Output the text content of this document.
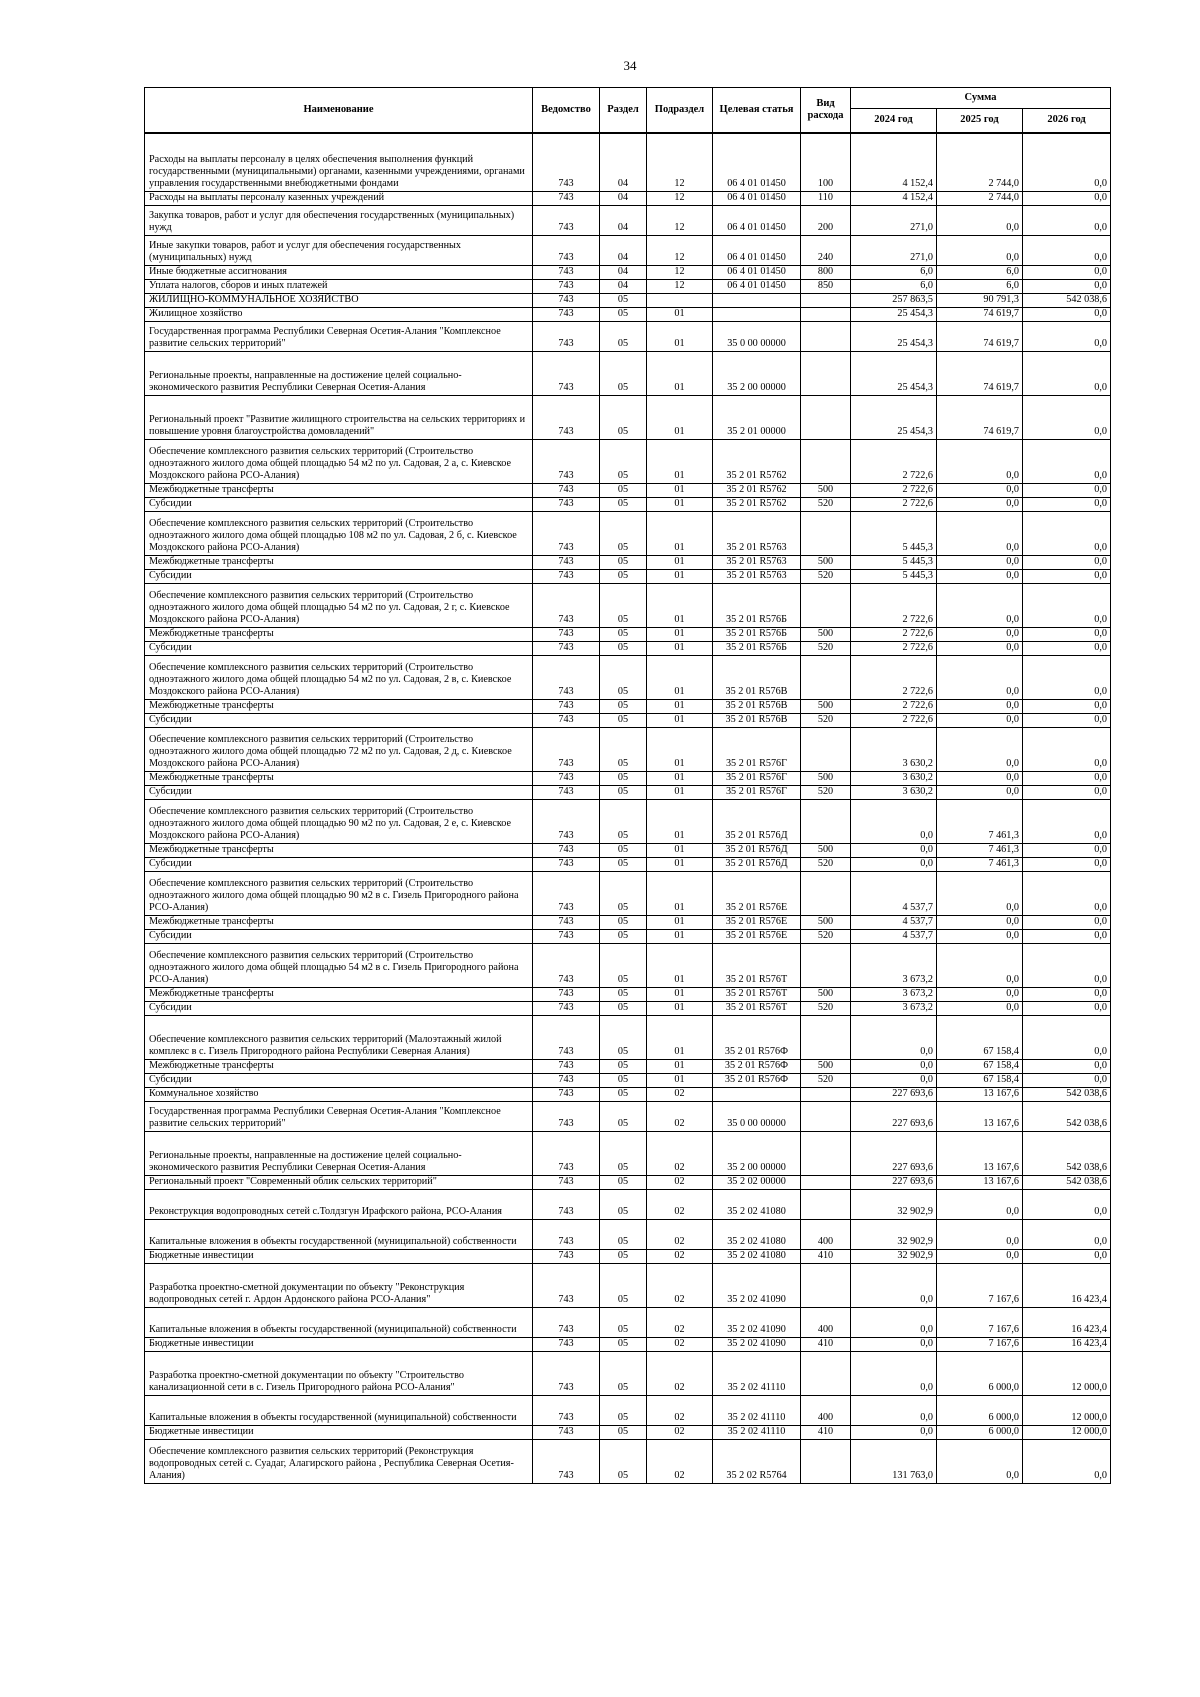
34
Наименование	Ведомство	Раздел	Подраздел	Целевая статья	Вид расхода	Сумма		
						2024 год	2025 год	2026 год
Расходы на выплаты персоналу в целях обеспечения выполнения функций государственными (муниципальными) органами, казенными учреждениями, органами управления государственными внебюджетными фондами	743	04	12	06 4 01 01450	100	4 152,4	2 744,0	0,0
Расходы на выплаты персоналу казенных учреждений	743	04	12	06 4 01 01450	110	4 152,4	2 744,0	0,0
Закупка товаров, работ и услуг для обеспечения государственных (муниципальных) нужд	743	04	12	06 4 01 01450	200	271,0	0,0	0,0
Иные закупки товаров, работ и услуг для обеспечения государственных (муниципальных) нужд	743	04	12	06 4 01 01450	240	271,0	0,0	0,0
Иные бюджетные ассигнования	743	04	12	06 4 01 01450	800	6,0	6,0	0,0
Уплата налогов, сборов и иных платежей	743	04	12	06 4 01 01450	850	6,0	6,0	0,0
ЖИЛИЩНО-КОММУНАЛЬНОЕ ХОЗЯЙСТВО	743	05				257 863,5	90 791,3	542 038,6
Жилищное хозяйство	743	05	01			25 454,3	74 619,7	0,0
Государственная программа Республики Северная Осетия-Алания "Комплексное развитие сельских территорий"	743	05	01	35 0 00 00000		25 454,3	74 619,7	0,0
Региональные проекты, направленные на достижение целей социально-экономического развития Республики Северная Осетия-Алания	743	05	01	35 2 00 00000		25 454,3	74 619,7	0,0
Региональный проект "Развитие жилищного строительства на сельских территориях и повышение уровня благоустройства домовладений"	743	05	01	35 2 01 00000		25 454,3	74 619,7	0,0
Обеспечение комплексного развития сельских территорий (Строительство одноэтажного жилого дома общей площадью 54 м2 по ул. Садовая, 2 а, с. Киевское Моздокского района РСО-Алания)	743	05	01	35 2 01 R5762		2 722,6	0,0	0,0
Межбюджетные трансферты	743	05	01	35 2 01 R5762	500	2 722,6	0,0	0,0
Субсидии	743	05	01	35 2 01 R5762	520	2 722,6	0,0	0,0
Обеспечение комплексного развития сельских территорий (Строительство одноэтажного жилого дома общей площадью 108 м2 по ул. Садовая, 2 б, с. Киевское Моздокского района РСО-Алания)	743	05	01	35 2 01 R5763		5 445,3	0,0	0,0
Межбюджетные трансферты	743	05	01	35 2 01 R5763	500	5 445,3	0,0	0,0
Субсидии	743	05	01	35 2 01 R5763	520	5 445,3	0,0	0,0
Обеспечение комплексного развития сельских территорий (Строительство одноэтажного жилого дома общей площадью 54 м2 по ул. Садовая, 2 г, с. Киевское Моздокского района РСО-Алания)	743	05	01	35 2 01 R576Б		2 722,6	0,0	0,0
Межбюджетные трансферты	743	05	01	35 2 01 R576Б	500	2 722,6	0,0	0,0
Субсидии	743	05	01	35 2 01 R576Б	520	2 722,6	0,0	0,0
Обеспечение комплексного развития сельских территорий (Строительство одноэтажного жилого дома общей площадью 54 м2 по ул. Садовая, 2 в, с. Киевское Моздокского района РСО-Алания)	743	05	01	35 2 01 R576В		2 722,6	0,0	0,0
Межбюджетные трансферты	743	05	01	35 2 01 R576В	500	2 722,6	0,0	0,0
Субсидии	743	05	01	35 2 01 R576В	520	2 722,6	0,0	0,0
Обеспечение комплексного развития сельских территорий (Строительство одноэтажного жилого дома общей площадью 72 м2 по ул. Садовая, 2 д, с. Киевское Моздокского района РСО-Алания)	743	05	01	35 2 01 R576Г		3 630,2	0,0	0,0
Межбюджетные трансферты	743	05	01	35 2 01 R576Г	500	3 630,2	0,0	0,0
Субсидии	743	05	01	35 2 01 R576Г	520	3 630,2	0,0	0,0
Обеспечение комплексного развития сельских территорий (Строительство одноэтажного жилого дома общей площадью 90 м2 по ул. Садовая, 2 е, с. Киевское Моздокского района РСО-Алания)	743	05	01	35 2 01 R576Д		0,0	7 461,3	0,0
Межбюджетные трансферты	743	05	01	35 2 01 R576Д	500	0,0	7 461,3	0,0
Субсидии	743	05	01	35 2 01 R576Д	520	0,0	7 461,3	0,0
Обеспечение комплексного развития сельских территорий (Строительство одноэтажного жилого дома общей площадью 90 м2 в с. Гизель Пригородного района РСО-Алания)	743	05	01	35 2 01 R576Е		4 537,7	0,0	0,0
Межбюджетные трансферты	743	05	01	35 2 01 R576Е	500	4 537,7	0,0	0,0
Субсидии	743	05	01	35 2 01 R576Е	520	4 537,7	0,0	0,0
Обеспечение комплексного развития сельских территорий (Строительство одноэтажного жилого дома общей площадью 54 м2 в с. Гизель Пригородного района РСО-Алания)	743	05	01	35 2 01 R576Т		3 673,2	0,0	0,0
Межбюджетные трансферты	743	05	01	35 2 01 R576Т	500	3 673,2	0,0	0,0
Субсидии	743	05	01	35 2 01 R576Т	520	3 673,2	0,0	0,0
Обеспечение комплексного развития сельских территорий (Малоэтажный жилой комплекс в с. Гизель Пригородного района Республики Северная Алания)	743	05	01	35 2 01 R576Ф		0,0	67 158,4	0,0
Межбюджетные трансферты	743	05	01	35 2 01 R576Ф	500	0,0	67 158,4	0,0
Субсидии	743	05	01	35 2 01 R576Ф	520	0,0	67 158,4	0,0
Коммунальное хозяйство	743	05	02			227 693,6	13 167,6	542 038,6
Государственная программа Республики Северная Осетия-Алания "Комплексное развитие сельских территорий"	743	05	02	35 0 00 00000		227 693,6	13 167,6	542 038,6
Региональные проекты, направленные на достижение целей социально-экономического развития Республики Северная Осетия-Алания	743	05	02	35 2 00 00000		227 693,6	13 167,6	542 038,6
Региональный проект "Современный облик сельских территорий"	743	05	02	35 2 02 00000		227 693,6	13 167,6	542 038,6
Реконструкция водопроводных сетей с.Толдзгун Ирафского района, РСО-Алания	743	05	02	35 2 02 41080		32 902,9	0,0	0,0
Капитальные вложения в объекты государственной (муниципальной) собственности	743	05	02	35 2 02 41080	400	32 902,9	0,0	0,0
Бюджетные инвестиции	743	05	02	35 2 02 41080	410	32 902,9	0,0	0,0
Разработка проектно-сметной документации по объекту "Реконструкция водопроводных сетей г. Ардон Ардонского района РСО-Алания"	743	05	02	35 2 02 41090		0,0	7 167,6	16 423,4
Капитальные вложения в объекты государственной (муниципальной) собственности	743	05	02	35 2 02 41090	400	0,0	7 167,6	16 423,4
Бюджетные инвестиции	743	05	02	35 2 02 41090	410	0,0	7 167,6	16 423,4
Разработка проектно-сметной документации по объекту "Строительство канализационной сети в с. Гизель Пригородного района РСО-Алания"	743	05	02	35 2 02 41110		0,0	6 000,0	12 000,0
Капитальные вложения в объекты государственной (муниципальной) собственности	743	05	02	35 2 02 41110	400	0,0	6 000,0	12 000,0
Бюджетные инвестиции	743	05	02	35 2 02 41110	410	0,0	6 000,0	12 000,0
Обеспечение комплексного развития сельских территорий (Реконструкция водопроводных сетей с. Суадаг, Алагирского района , Республика Северная Осетия-Алания)	743	05	02	35 2 02 R5764		131 763,0	0,0	0,0
